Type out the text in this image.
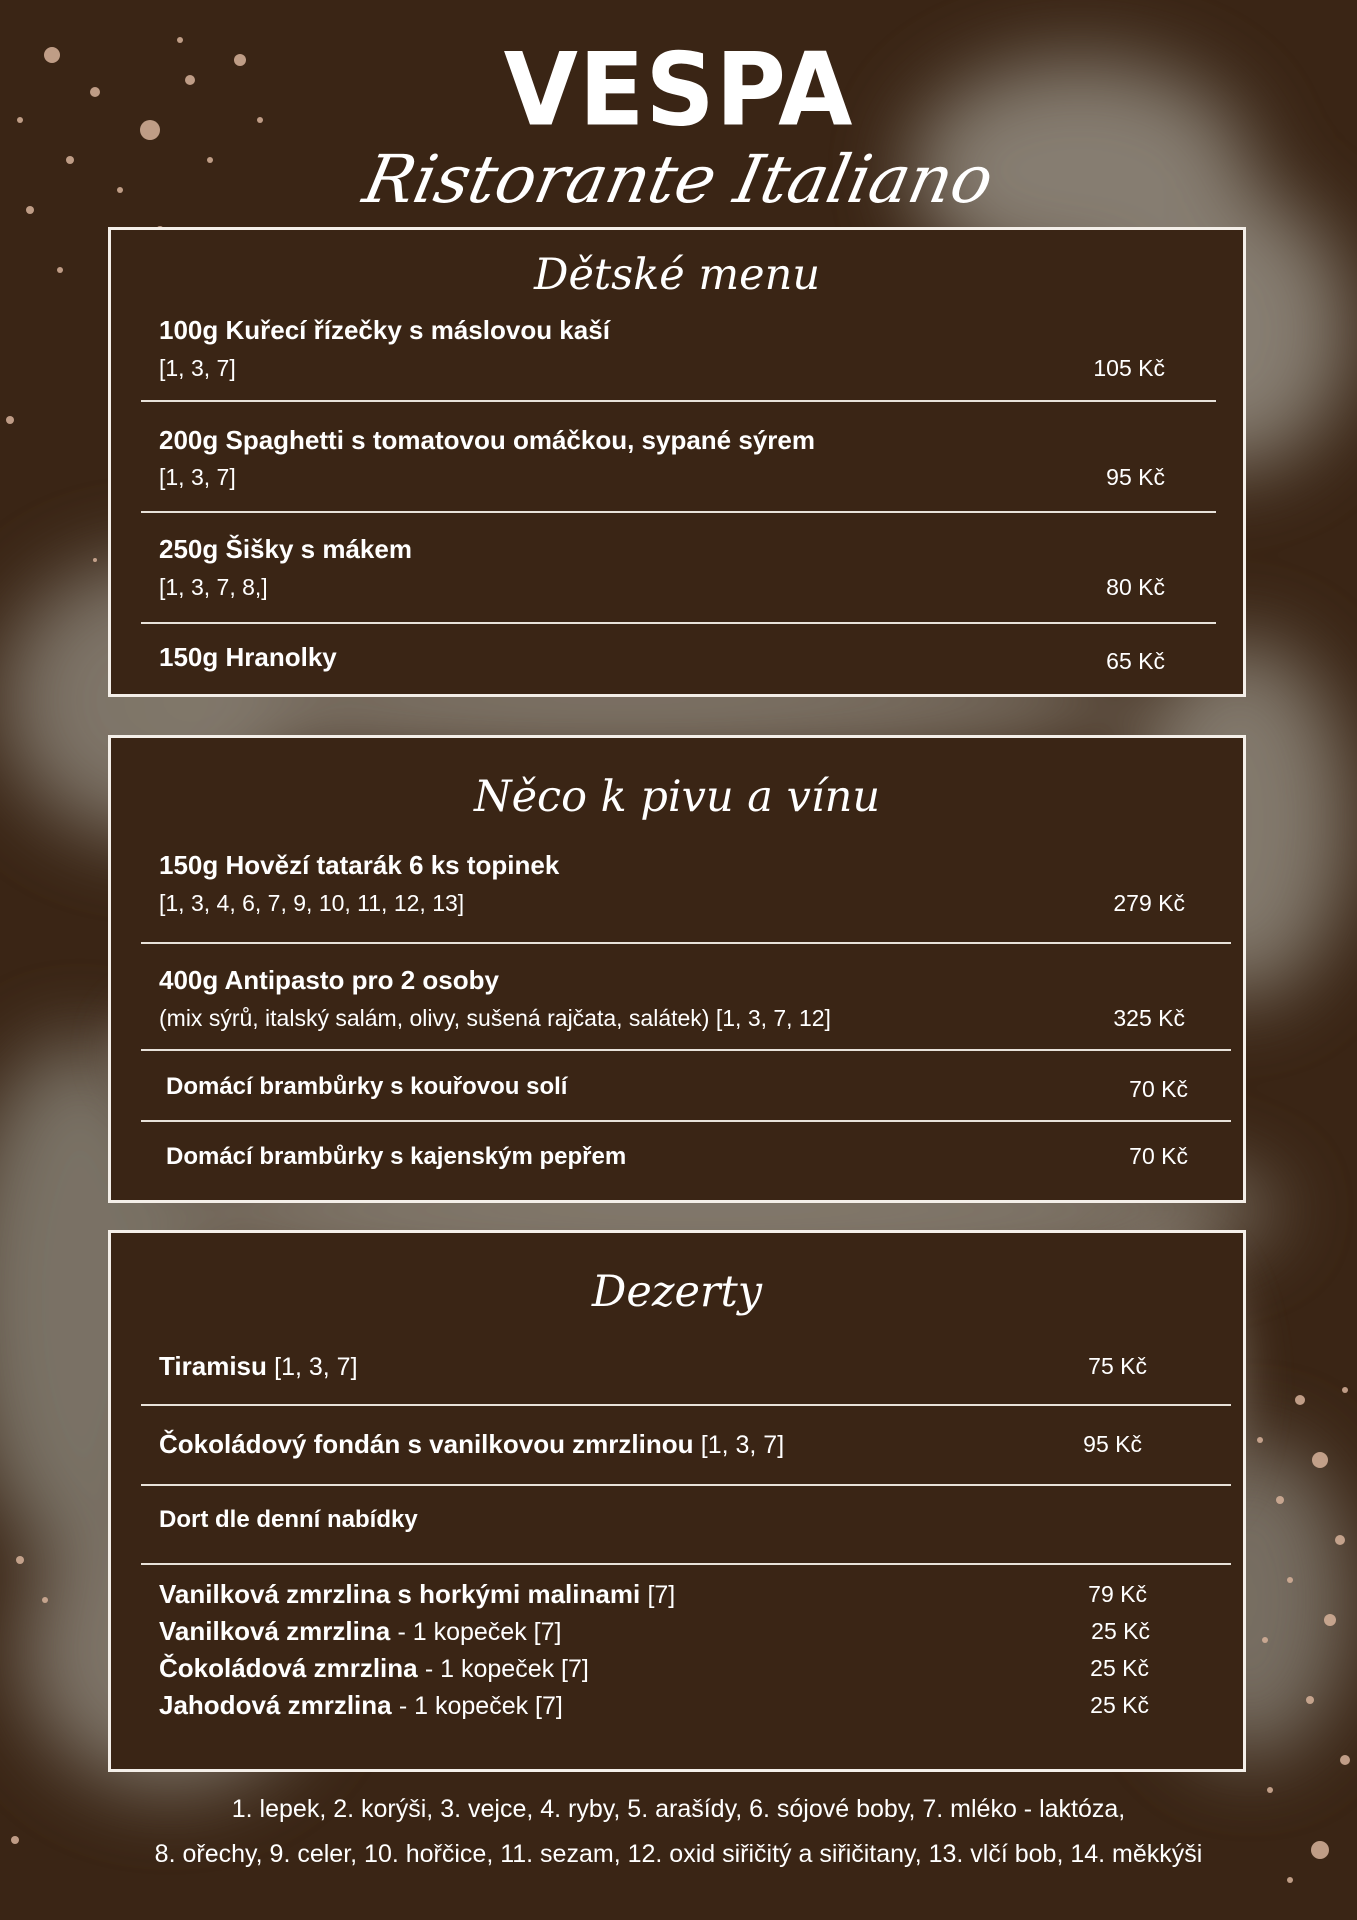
VESPA
Ristorante Italiano
Dětské menu
100g Kuřecí řízečky s máslovou kaší
[1, 3, 7]	105 Kč
200g Spaghetti s tomatovou omáčkou, sypané sýrem
[1, 3, 7]	95 Kč
250g Šišky s mákem
[1, 3, 7, 8,]	80 Kč
150g Hranolky	65 Kč
Něco k pivu a vínu
150g Hovězí tatarák 6 ks topinek
[1, 3, 4, 6, 7, 9, 10, 11, 12, 13]	279 Kč
400g Antipasto pro 2 osoby
(mix sýrů, italský salám, olivy, sušená rajčata, salátek) [1, 3, 7, 12]	325 Kč
Domácí brambůrky s kouřovou solí	70 Kč
Domácí brambůrky s kajenským pepřem	70 Kč
Dezerty
Tiramisu [1, 3, 7]	75 Kč
Čokoládový fondán s vanilkovou zmrzlinou [1, 3, 7]	95 Kč
Dort dle denní nabídky
Vanilková zmrzlina s horkými malinami [7]	79 Kč
Vanilková zmrzlina - 1 kopeček [7]	25 Kč
Čokoládová zmrzlina - 1 kopeček [7]	25 Kč
Jahodová zmrzlina - 1 kopeček [7]	25 Kč
1. lepek, 2. korýši, 3. vejce, 4. ryby, 5. arašídy, 6. sójové boby, 7. mléko - laktóza,
8. ořechy, 9. celer, 10. hořčice, 11. sezam, 12. oxid siřičitý a siřičitany, 13. vlčí bob, 14. měkkýši
